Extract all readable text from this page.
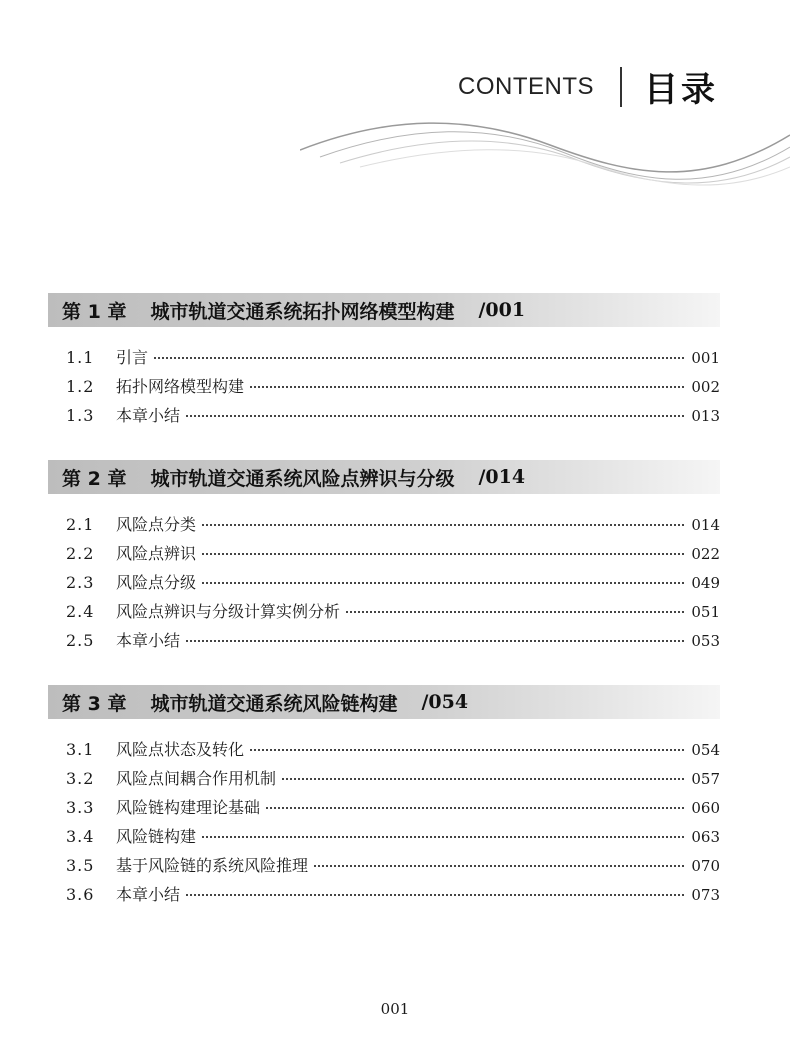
CONTENTS 目录
第 1 章 城市轨道交通系统拓扑网络模型构建 /001
1.1	引言	001
1.2	拓扑网络模型构建	002
1.3	本章小结	013
第 2 章 城市轨道交通系统风险点辨识与分级 /014
2.1	风险点分类	014
2.2	风险点辨识	022
2.3	风险点分级	049
2.4	风险点辨识与分级计算实例分析	051
2.5	本章小结	053
第 3 章 城市轨道交通系统风险链构建 /054
3.1	风险点状态及转化	054
3.2	风险点间耦合作用机制	057
3.3	风险链构建理论基础	060
3.4	风险链构建	063
3.5	基于风险链的系统风险推理	070
3.6	本章小结	073
001
